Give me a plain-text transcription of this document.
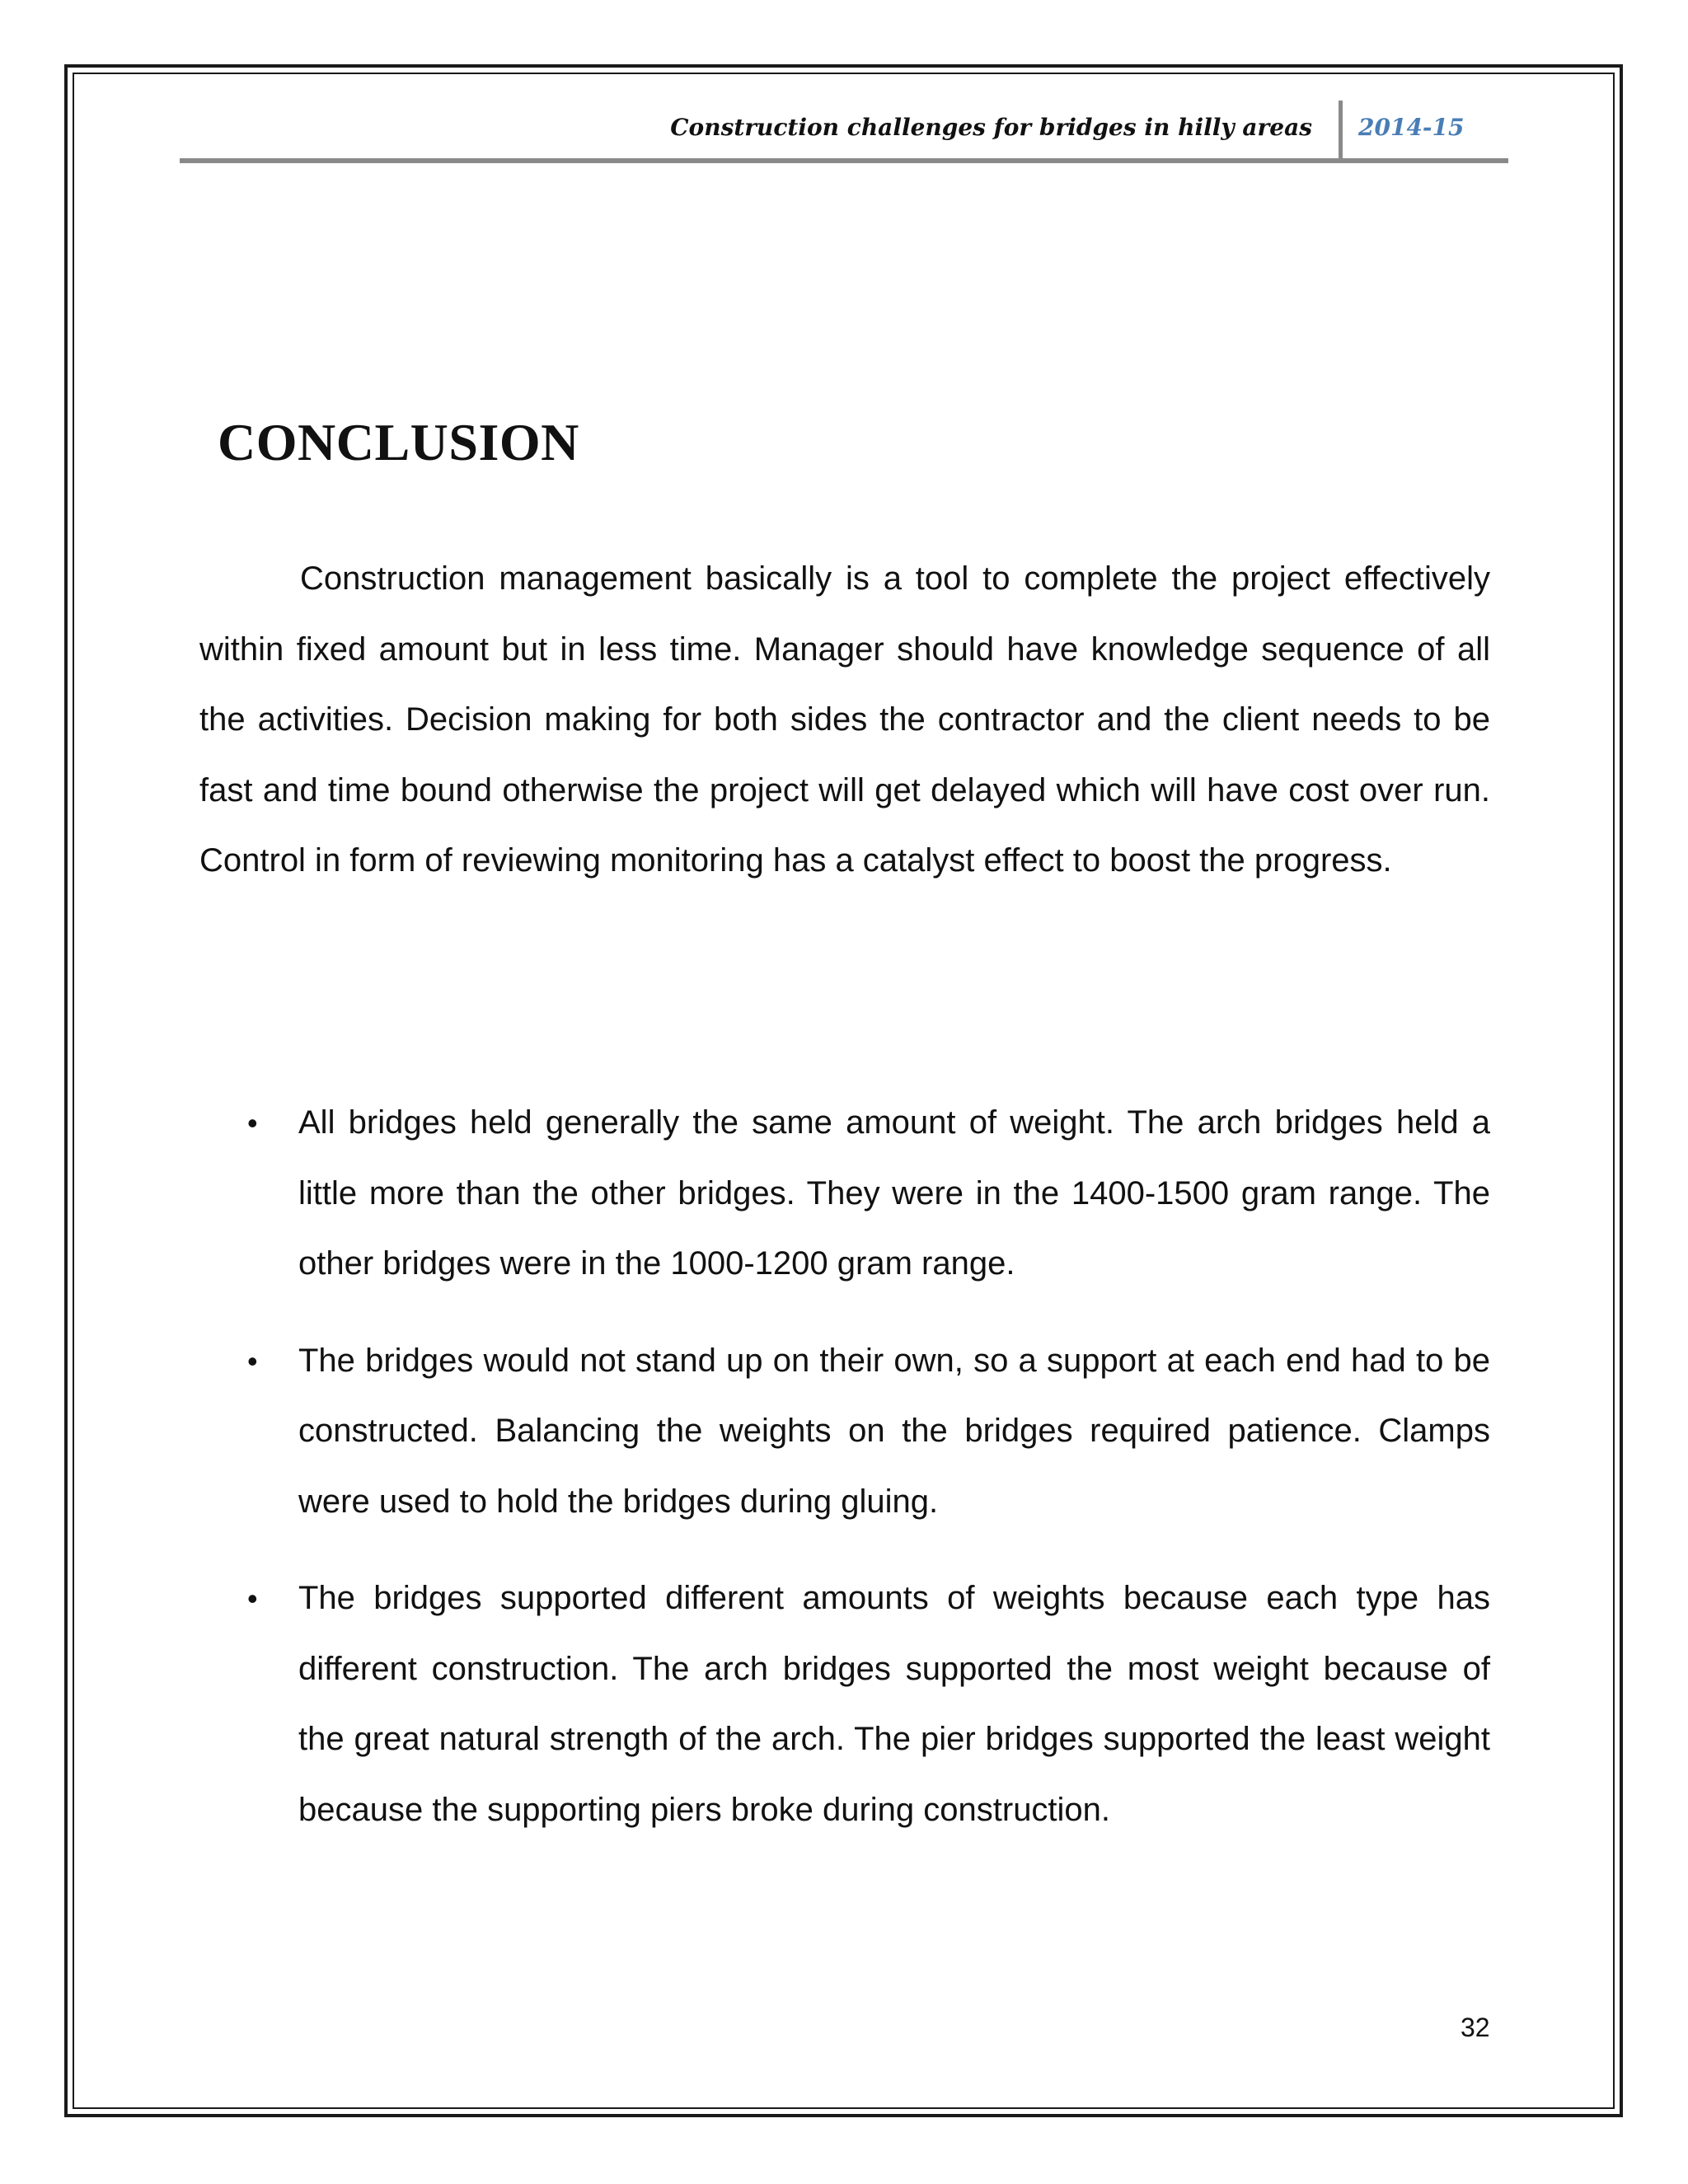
Construction challenges for bridges in hilly areas 2014-15
CONCLUSION

Construction management basically is a tool to complete the project effectively within fixed amount but in less time. Manager should have knowledge sequence of all the activities. Decision making for both sides the contractor and the client needs to be fast and time bound otherwise the project will get delayed which will have cost over run. Control in form of reviewing monitoring has a catalyst effect to boost the progress.

• All bridges held generally the same amount of weight. The arch bridges held a little more than the other bridges. They were in the 1400-1500 gram range. The other bridges were in the 1000-1200 gram range.
• The bridges would not stand up on their own, so a support at each end had to be constructed. Balancing the weights on the bridges required patience. Clamps were used to hold the bridges during gluing.
• The bridges supported different amounts of weights because each type has different construction. The arch bridges supported the most weight because of the great natural strength of the arch. The pier bridges supported the least weight because the supporting piers broke during construction.
32
